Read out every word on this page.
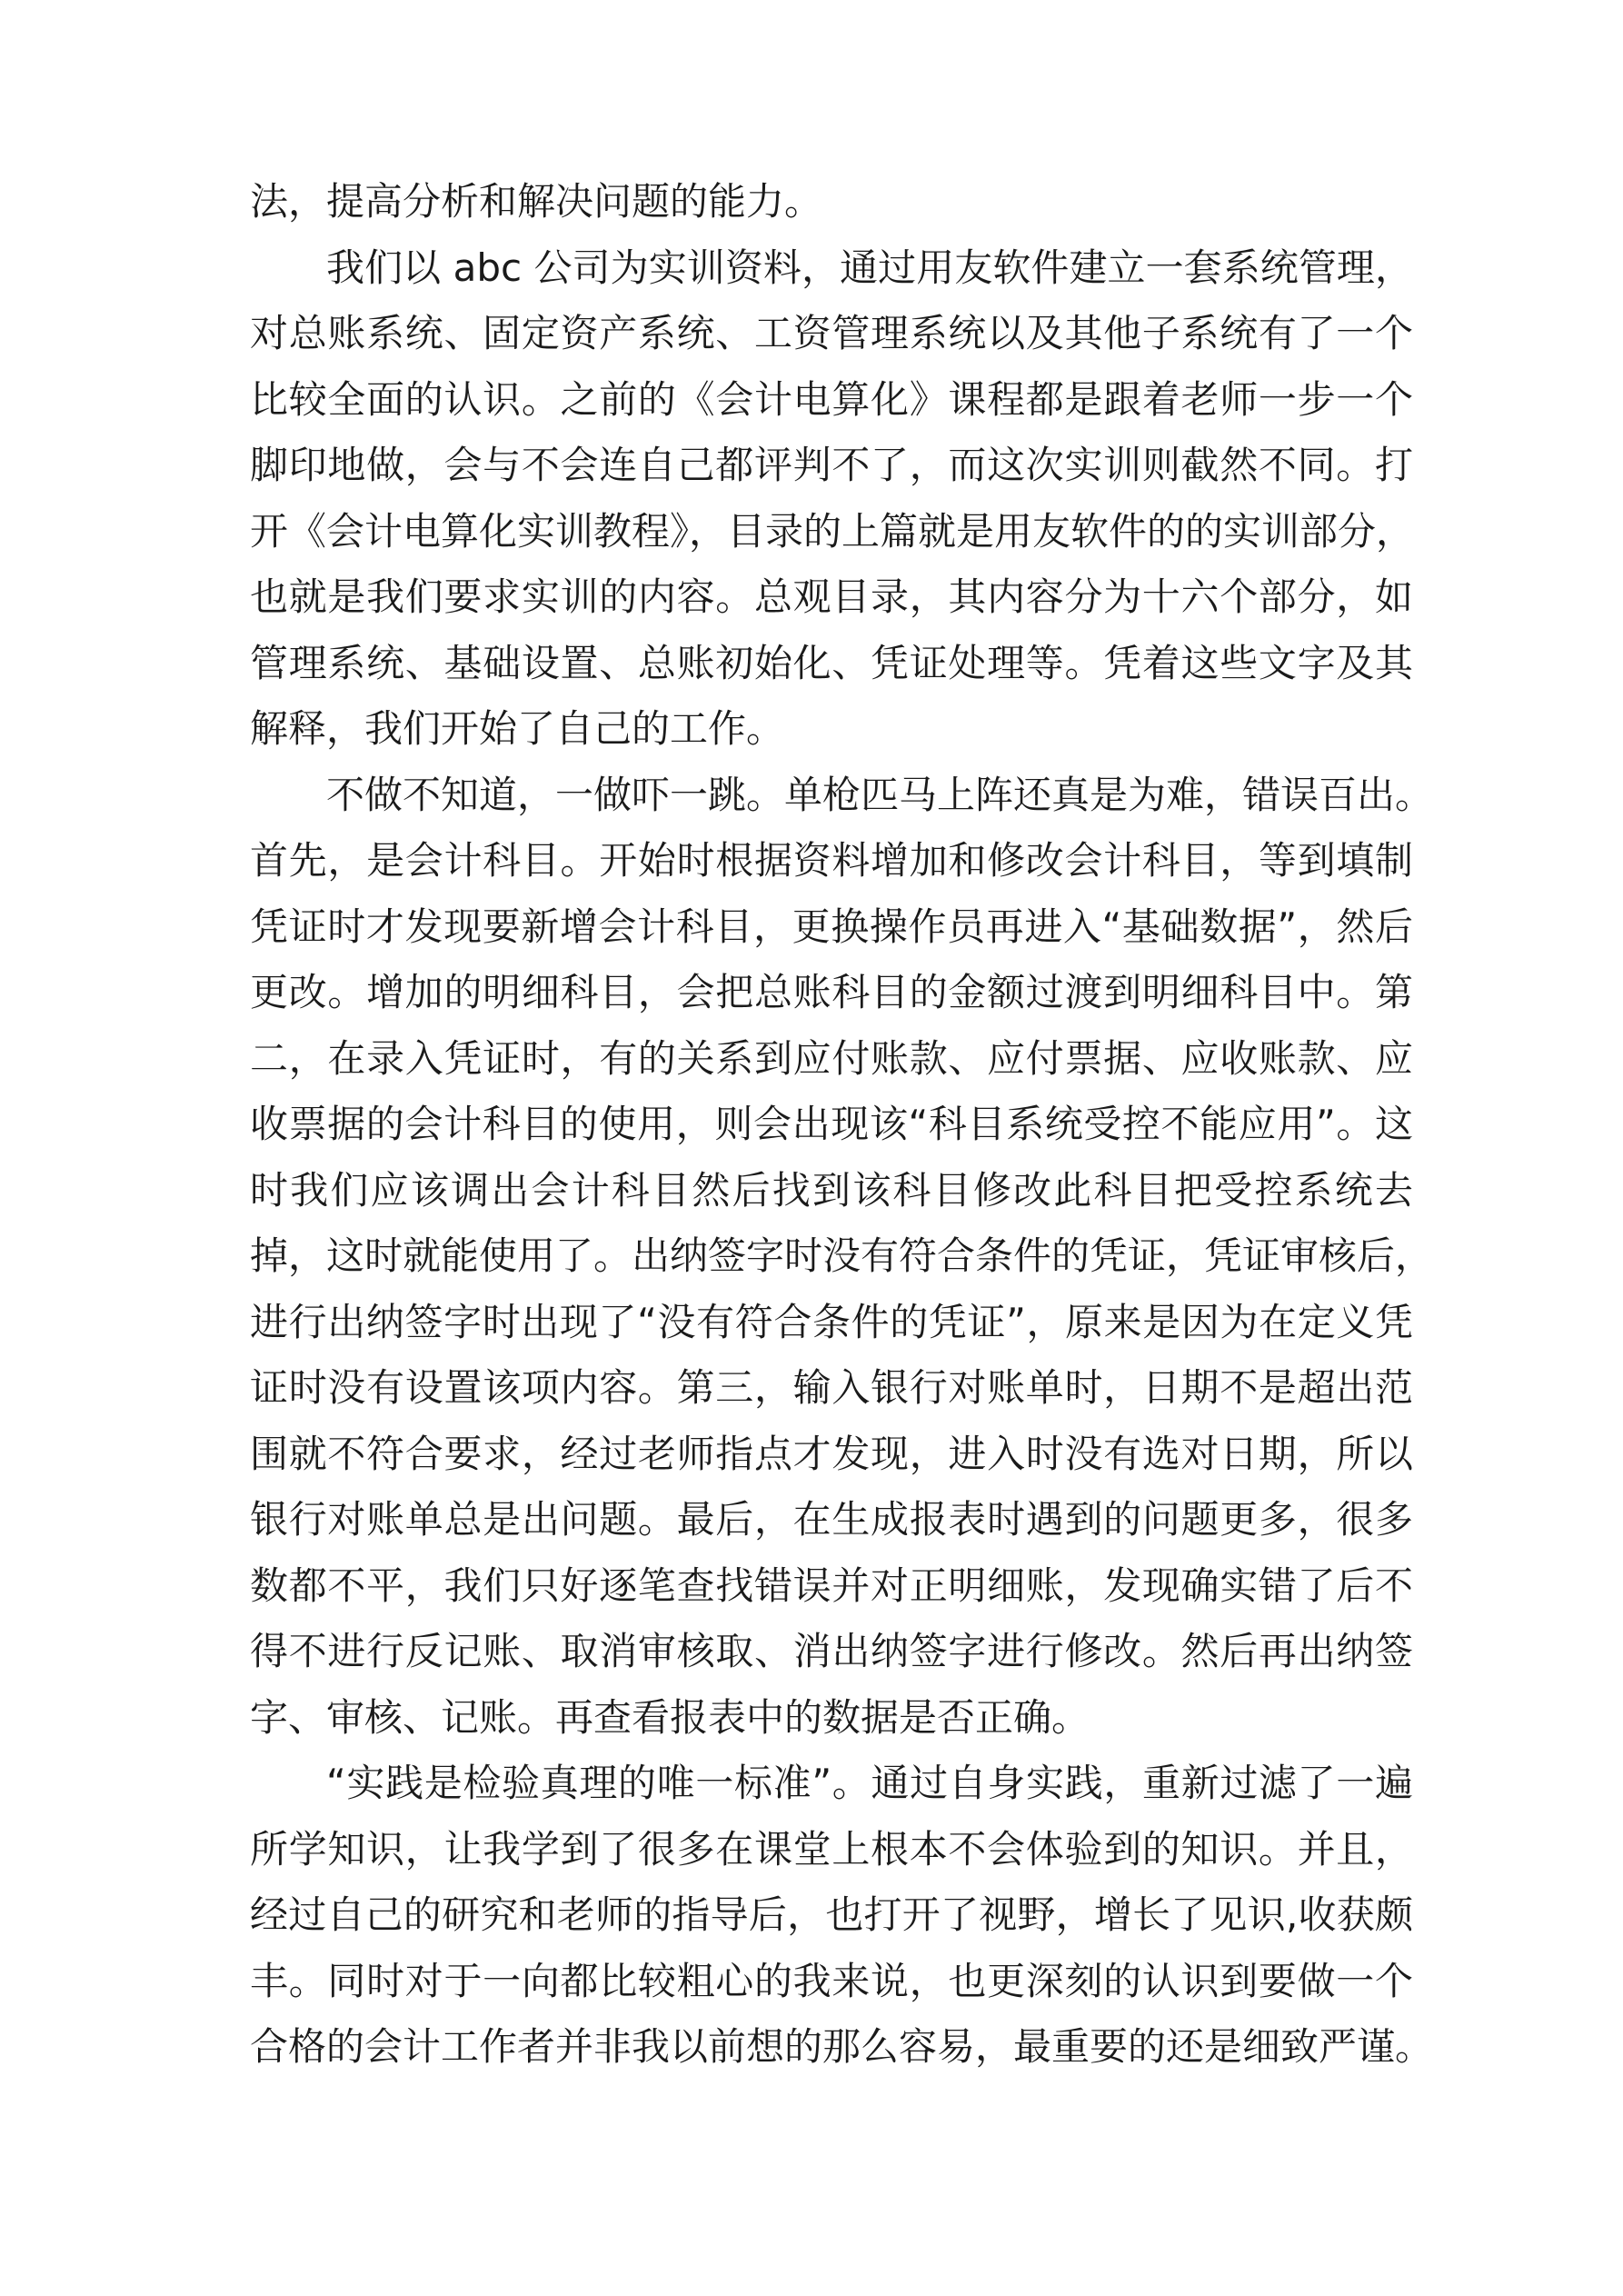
法，提高分析和解决问题的能力。
我们以 abc 公司为实训资料，通过用友软件建立一套系统管理，
对总账系统、固定资产系统、工资管理系统以及其他子系统有了一个
比较全面的认识。之前的《会计电算化》课程都是跟着老师一步一个
脚印地做，会与不会连自己都评判不了，而这次实训则截然不同。打
开《会计电算化实训教程》，目录的上篇就是用友软件的的实训部分，
也就是我们要求实训的内容。总观目录，其内容分为十六个部分，如
管理系统、基础设置、总账初始化、凭证处理等。凭着这些文字及其
解释，我们开始了自己的工作。
不做不知道，一做吓一跳。单枪匹马上阵还真是为难，错误百出。
首先，是会计科目。开始时根据资料增加和修改会计科目，等到填制
凭证时才发现要新增会计科目，更换操作员再进入“基础数据”，然后
更改。增加的明细科目，会把总账科目的金额过渡到明细科目中。第
二，在录入凭证时，有的关系到应付账款、应付票据、应收账款、应
收票据的会计科目的使用，则会出现该“科目系统受控不能应用”。这
时我们应该调出会计科目然后找到该科目修改此科目把受控系统去
掉，这时就能使用了。出纳签字时没有符合条件的凭证，凭证审核后，
进行出纳签字时出现了“没有符合条件的凭证”，原来是因为在定义凭
证时没有设置该项内容。第三，输入银行对账单时，日期不是超出范
围就不符合要求，经过老师指点才发现，进入时没有选对日期，所以
银行对账单总是出问题。最后，在生成报表时遇到的问题更多，很多
数都不平，我们只好逐笔查找错误并对正明细账，发现确实错了后不
得不进行反记账、取消审核取、消出纳签字进行修改。然后再出纳签
字、审核、记账。再查看报表中的数据是否正确。
“实践是检验真理的唯一标准”。通过自身实践，重新过滤了一遍
所学知识，让我学到了很多在课堂上根本不会体验到的知识。并且，
经过自己的研究和老师的指导后，也打开了视野，增长了见识,收获颇
丰。同时对于一向都比较粗心的我来说，也更深刻的认识到要做一个
合格的会计工作者并非我以前想的那么容易，最重要的还是细致严谨。
